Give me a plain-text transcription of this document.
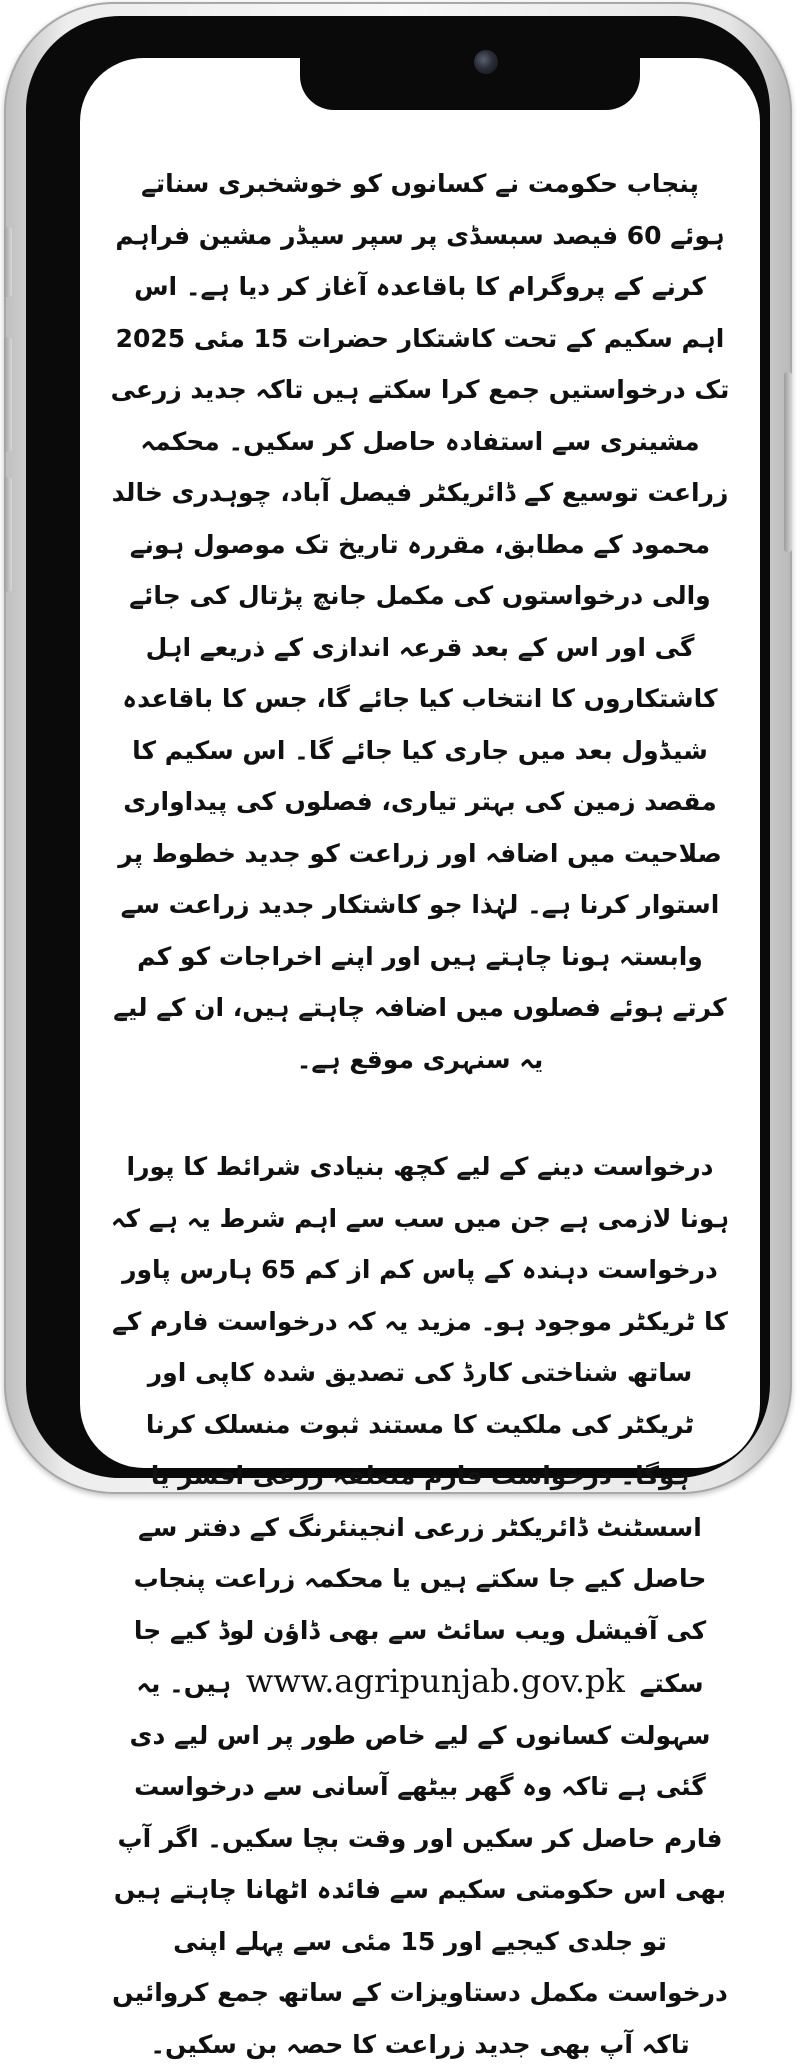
پنجاب حکومت نے کسانوں کو خوشخبری سناتے ہوئے 60 فیصد سبسڈی پر سپر سیڈر مشین فراہم کرنے کے پروگرام کا باقاعدہ آغاز کر دیا ہے۔ اس اہم سکیم کے تحت کاشتکار حضرات 15 مئی 2025 تک درخواستیں جمع کرا سکتے ہیں تاکہ جدید زرعی مشینری سے استفادہ حاصل کر سکیں۔ محکمہ زراعت توسیع کے ڈائریکٹر فیصل آباد، چوہدری خالد محمود کے مطابق، مقررہ تاریخ تک موصول ہونے والی درخواستوں کی مکمل جانچ پڑتال کی جائے گی اور اس کے بعد قرعہ اندازی کے ذریعے اہل کاشتکاروں کا انتخاب کیا جائے گا، جس کا باقاعدہ شیڈول بعد میں جاری کیا جائے گا۔ اس سکیم کا مقصد زمین کی بہتر تیاری، فصلوں کی پیداواری صلاحیت میں اضافہ اور زراعت کو جدید خطوط پر استوار کرنا ہے۔ لہٰذا جو کاشتکار جدید زراعت سے وابستہ ہونا چاہتے ہیں اور اپنے اخراجات کو کم کرتے ہوئے فصلوں میں اضافہ چاہتے ہیں، ان کے لیے یہ سنہری موقع ہے۔

درخواست دینے کے لیے کچھ بنیادی شرائط کا پورا ہونا لازمی ہے جن میں سب سے اہم شرط یہ ہے کہ درخواست دہندہ کے پاس کم از کم 65 ہارس پاور کا ٹریکٹر موجود ہو۔ مزید یہ کہ درخواست فارم کے ساتھ شناختی کارڈ کی تصدیق شدہ کاپی اور ٹریکٹر کی ملکیت کا مستند ثبوت منسلک کرنا ہوگا۔ درخواست فارم متعلقہ زرعی افسر یا اسسٹنٹ ڈائریکٹر زرعی انجینئرنگ کے دفتر سے حاصل کیے جا سکتے ہیں یا محکمہ زراعت پنجاب کی آفیشل ویب سائٹ سے بھی ڈاؤن لوڈ کیے جا سکتے www.agripunjab.gov.pk ہیں۔ یہ سہولت کسانوں کے لیے خاص طور پر اس لیے دی گئی ہے تاکہ وہ گھر بیٹھے آسانی سے درخواست فارم حاصل کر سکیں اور وقت بچا سکیں۔ اگر آپ بھی اس حکومتی سکیم سے فائدہ اٹھانا چاہتے ہیں تو جلدی کیجیے اور 15 مئی سے پہلے اپنی درخواست مکمل دستاویزات کے ساتھ جمع کروائیں تاکہ آپ بھی جدید زراعت کا حصہ بن سکیں۔
